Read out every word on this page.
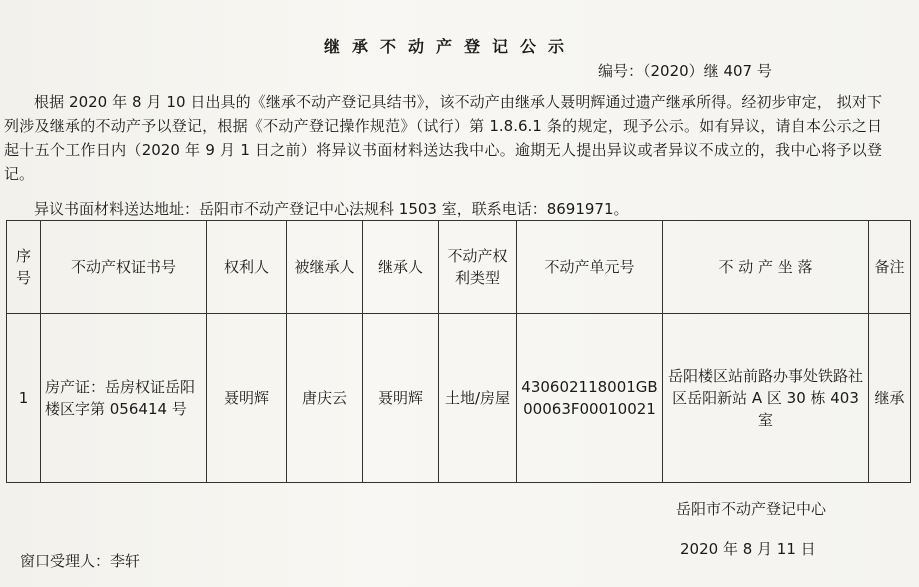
继承不动产登记公示
编号：（2020）继 407 号

根据 2020 年 8 月 10 日出具的《继承不动产登记具结书》，该不动产由继承人聂明辉通过遗产继承所得。经初步审定， 拟对下列涉及继承的不动产予以登记，根据《不动产登记操作规范》（试行）第 1.8.6.1 条的规定，现予公示。如有异议，请自本公示之日起十五个工作日内（2020 年 9 月 1 日之前）将异议书面材料送达我中心。逾期无人提出异议或者异议不成立的，我中心将予以登记。

异议书面材料送达地址：岳阳市不动产登记中心法规科 1503 室，联系电话：8691971。
序号	不动产权证书号	权利人	被继承人	继承人	不动产权利类型	不动产单元号	不 动 产 坐 落	备注
1	房产证：岳房权证岳阳楼区字第 056414 号	聂明辉	唐庆云	聂明辉	土地/房屋	430602118001GB00063F00010021	岳阳楼区站前路办事处铁路社区岳阳新站 A 区 30 栋 403 室	继承
岳阳市不动产登记中心
2020 年 8 月 11 日
窗口受理人：李轩
